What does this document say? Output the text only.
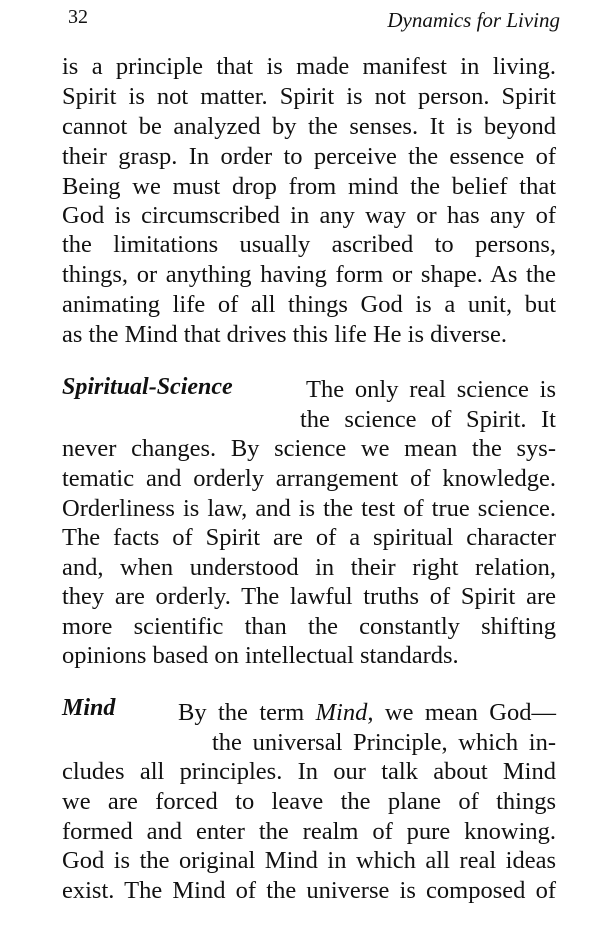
32	Dynamics for Living
is a principle that is made manifest in living.
Spirit is not matter. Spirit is not person. Spirit
cannot be analyzed by the senses. It is beyond
their grasp. In order to perceive the essence of
Being we must drop from mind the belief that
God is circumscribed in any way or has any of
the limitations usually ascribed to persons,
things, or anything having form or shape. As the
animating life of all things God is a unit, but
as the Mind that drives this life He is diverse.
Spiritual-Science	The only real science is
the science of Spirit. It
never changes. By science we mean the sys-
tematic and orderly arrangement of knowledge.
Orderliness is law, and is the test of true science.
The facts of Spirit are of a spiritual character
and, when understood in their right relation,
they are orderly. The lawful truths of Spirit are
more scientific than the constantly shifting
opinions based on intellectual standards.
Mind	By the term Mind, we mean God—
the universal Principle, which in-
cludes all principles. In our talk about Mind
we are forced to leave the plane of things
formed and enter the realm of pure knowing.
God is the original Mind in which all real ideas
exist. The Mind of the universe is composed of
